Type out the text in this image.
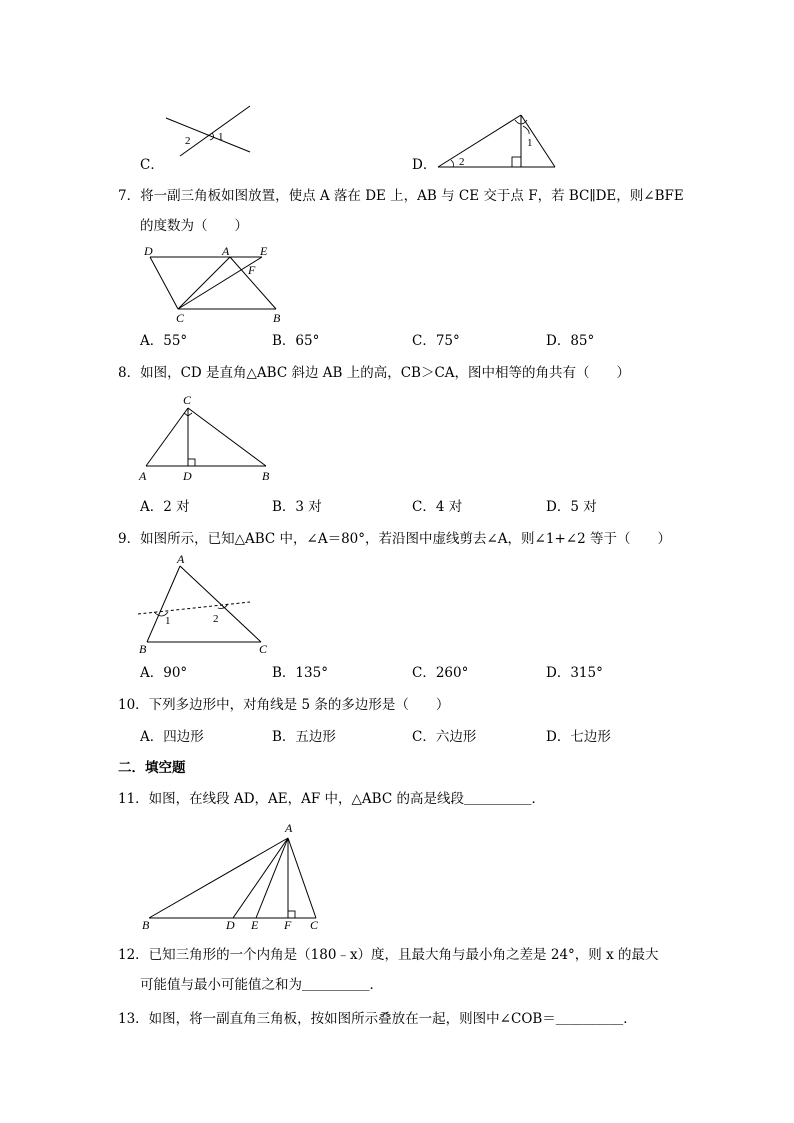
2	1
C．	2
1
D．
7．将一副三角板如图放置，使点 A 落在 DE 上，AB 与 CE 交于点 F，若 BC∥DE，则∠BFE
的度数为（　　）
D	A	E
F
C	B
A．55°	B．65°	C．75°	D．85°
8．如图，CD 是直角△ABC 斜边 AB 上的高，CB＞CA，图中相等的角共有（　　）
C
A	D	B
A．2 对	B．3 对	C．4 对	D．5 对
9．如图所示，已知△ABC 中，∠A＝80°，若沿图中虚线剪去∠A，则∠1+∠2 等于（　　）
A
1	2
B	C
A．90°	B．135°	C．260°	D．315°
10．下列多边形中，对角线是 5 条的多边形是（　　）
A．四边形	B．五边形	C．六边形	D．七边形
二．填空题
11．如图，在线段 AD，AE，AF 中，△ABC 的高是线段＿＿＿＿＿．
A
B	D E F C
12．已知三角形的一个内角是（180﹣x）度，且最大角与最小角之差是 24°，则 x 的最大
可能值与最小可能值之和为＿＿＿＿＿．
13．如图，将一副直角三角板，按如图所示叠放在一起，则图中∠COB＝＿＿＿＿＿．
